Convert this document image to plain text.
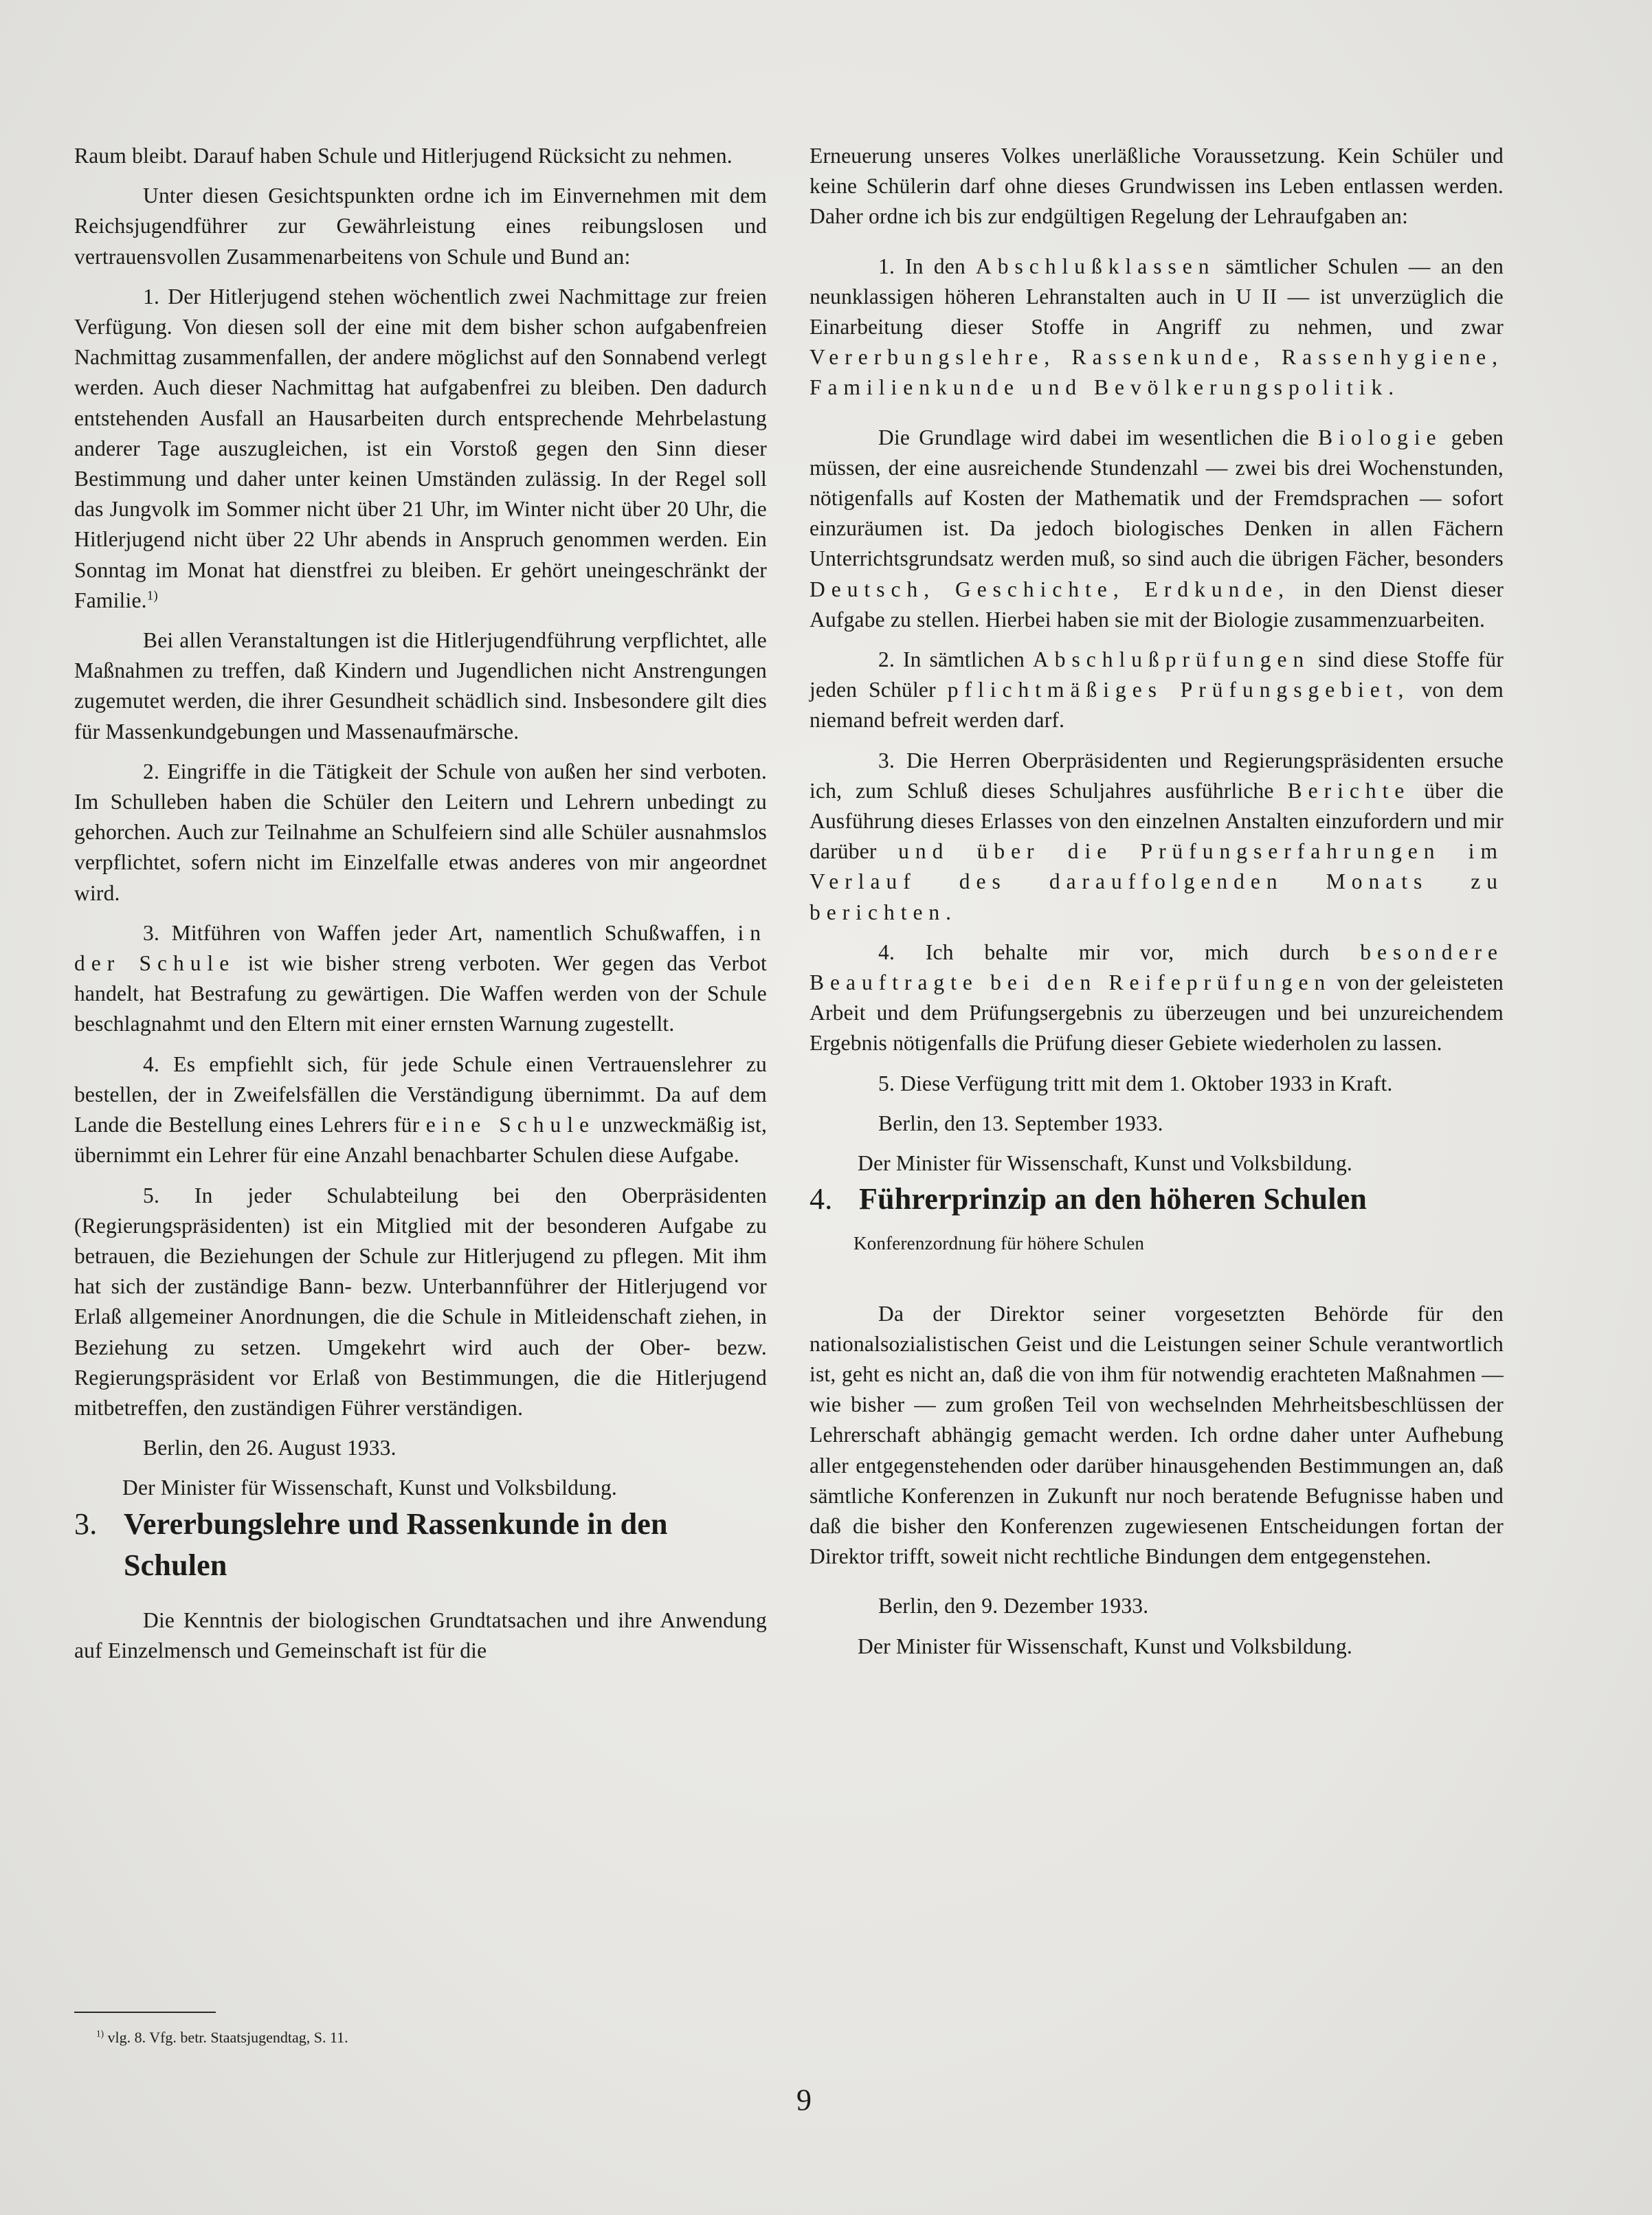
Raum bleibt. Darauf haben Schule und Hitlerjugend Rücksicht zu nehmen.

Unter diesen Gesichtspunkten ordne ich im Einvernehmen mit dem Reichsjugendführer zur Gewährleistung eines reibungslosen und vertrauensvollen Zusammenarbeitens von Schule und Bund an:

1. Der Hitlerjugend stehen wöchentlich zwei Nachmittage zur freien Verfügung. Von diesen soll der eine mit dem bisher schon aufgabenfreien Nachmittag zusammenfallen, der andere möglichst auf den Sonnabend verlegt werden. Auch dieser Nachmittag hat aufgabenfrei zu bleiben. Den dadurch entstehenden Ausfall an Hausarbeiten durch entsprechende Mehrbelastung anderer Tage auszugleichen, ist ein Vorstoß gegen den Sinn dieser Bestimmung und daher unter keinen Umständen zulässig. In der Regel soll das Jungvolk im Sommer nicht über 21 Uhr, im Winter nicht über 20 Uhr, die Hitlerjugend nicht über 22 Uhr abends in Anspruch genommen werden. Ein Sonntag im Monat hat dienstfrei zu bleiben. Er gehört uneingeschränkt der Familie.$^{1)}$

Bei allen Veranstaltungen ist die Hitlerjugendführung verpflichtet, alle Maßnahmen zu treffen, daß Kindern und Jugendlichen nicht Anstrengungen zugemutet werden, die ihrer Gesundheit schädlich sind. Insbesondere gilt dies für Massenkundgebungen und Massenaufmärsche.

2. Eingriffe in die Tätigkeit der Schule von außen her sind verboten. Im Schulleben haben die Schüler den Leitern und Lehrern unbedingt zu gehorchen. Auch zur Teilnahme an Schulfeiern sind alle Schüler ausnahmslos verpflichtet, sofern nicht im Einzelfalle etwas anderes von mir angeordnet wird.

3. Mitführen von Waffen jeder Art, namentlich Schußwaffen, in der Schule ist wie bisher streng verboten. Wer gegen das Verbot handelt, hat Bestrafung zu gewärtigen. Die Waffen werden von der Schule beschlagnahmt und den Eltern mit einer ernsten Warnung zugestellt.

4. Es empfiehlt sich, für jede Schule einen Vertrauenslehrer zu bestellen, der in Zweifelsfällen die Verständigung übernimmt. Da auf dem Lande die Bestellung eines Lehrers für eine Schule unzweckmäßig ist, übernimmt ein Lehrer für eine Anzahl benachbarter Schulen diese Aufgabe.

5. In jeder Schulabteilung bei den Oberpräsidenten (Regierungspräsidenten) ist ein Mitglied mit der besonderen Aufgabe zu betrauen, die Beziehungen der Schule zur Hitlerjugend zu pflegen. Mit ihm hat sich der zuständige Bann- bezw. Unterbannführer der Hitlerjugend vor Erlaß allgemeiner Anordnungen, die die Schule in Mitleidenschaft ziehen, in Beziehung zu setzen. Umgekehrt wird auch der Ober- bezw. Regierungspräsident vor Erlaß von Bestimmungen, die die Hitlerjugend mitbetreffen, den zuständigen Führer verständigen.

Berlin, den 26. August 1933.

Der Minister für Wissenschaft, Kunst und Volksbildung.

3. Vererbungslehre und Rassenkunde in den Schulen

Die Kenntnis der biologischen Grundtatsachen und ihre Anwendung auf Einzelmensch und Gemeinschaft ist für die

$^{1)}$ vlg. 8. Vfg. betr. Staatsjugendtag, S. 11.

Erneuerung unseres Volkes unerläßliche Voraussetzung. Kein Schüler und keine Schülerin darf ohne dieses Grundwissen ins Leben entlassen werden. Daher ordne ich bis zur endgültigen Regelung der Lehraufgaben an:

1. In den Abschlußklassen sämtlicher Schulen — an den neunklassigen höheren Lehranstalten auch in U II — ist unverzüglich die Einarbeitung dieser Stoffe in Angriff zu nehmen, und zwar Vererbungslehre, Rassenkunde, Rassenhygiene, Familienkunde und Bevölkerungspolitik.

Die Grundlage wird dabei im wesentlichen die Biologie geben müssen, der eine ausreichende Stundenzahl — zwei bis drei Wochenstunden, nötigenfalls auf Kosten der Mathematik und der Fremdsprachen — sofort einzuräumen ist. Da jedoch biologisches Denken in allen Fächern Unterrichtsgrundsatz werden muß, so sind auch die übrigen Fächer, besonders Deutsch, Geschichte, Erdkunde, in den Dienst dieser Aufgabe zu stellen. Hierbei haben sie mit der Biologie zusammenzuarbeiten.

2. In sämtlichen Abschlußprüfungen sind diese Stoffe für jeden Schüler pflichtmäßiges Prüfungsgebiet, von dem niemand befreit werden darf.

3. Die Herren Oberpräsidenten und Regierungspräsidenten ersuche ich, zum Schluß dieses Schuljahres ausführliche Berichte über die Ausführung dieses Erlasses von den einzelnen Anstalten einzufordern und mir darüber und über die Prüfungserfahrungen im Verlauf des darauffolgenden Monats zu berichten.

4. Ich behalte mir vor, mich durch besondere Beauftragte bei den Reifeprüfungen von der geleisteten Arbeit und dem Prüfungsergebnis zu überzeugen und bei unzureichendem Ergebnis nötigenfalls die Prüfung dieser Gebiete wiederholen zu lassen.

5. Diese Verfügung tritt mit dem 1. Oktober 1933 in Kraft.

Berlin, den 13. September 1933.

Der Minister für Wissenschaft, Kunst und Volksbildung.

4. Führerprinzip an den höheren Schulen

Konferenzordnung für höhere Schulen

Da der Direktor seiner vorgesetzten Behörde für den nationalsozialistischen Geist und die Leistungen seiner Schule verantwortlich ist, geht es nicht an, daß die von ihm für notwendig erachteten Maßnahmen — wie bisher — zum großen Teil von wechselnden Mehrheitsbeschlüssen der Lehrerschaft abhängig gemacht werden. Ich ordne daher unter Aufhebung aller entgegenstehenden oder darüber hinausgehenden Bestimmungen an, daß sämtliche Konferenzen in Zukunft nur noch beratende Befugnisse haben und daß die bisher den Konferenzen zugewiesenen Entscheidungen fortan der Direktor trifft, soweit nicht rechtliche Bindungen dem entgegenstehen.

Berlin, den 9. Dezember 1933.

Der Minister für Wissenschaft, Kunst und Volksbildung.

9
